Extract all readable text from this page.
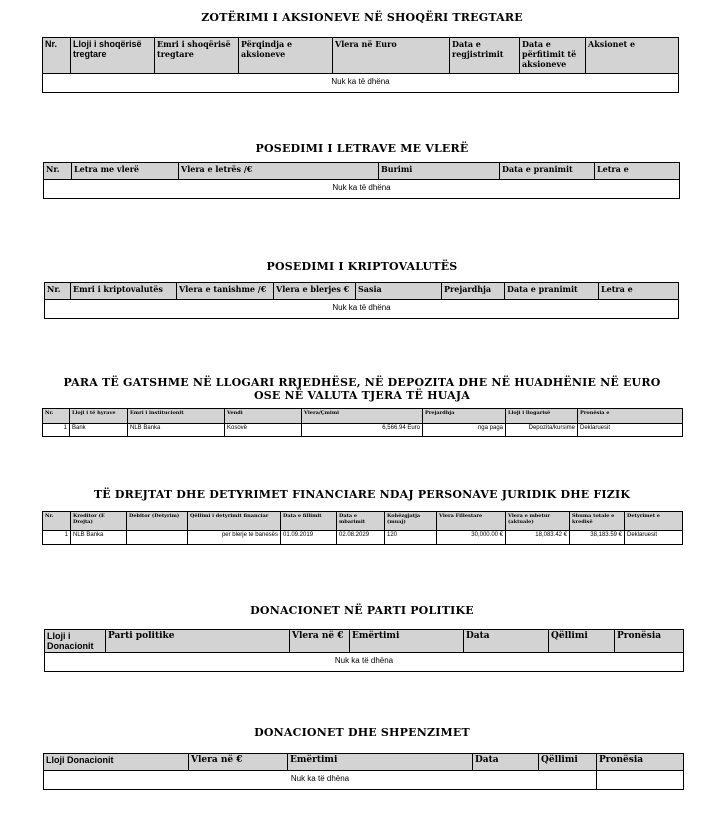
ZOTËRIMI I AKSIONEVE NË SHOQËRI TREGTARE
Nr.	Lloji i shoqërisë tregtare	Emri i shoqërisë tregtare	Përqindja e aksioneve	Vlera në Euro	Data e regjistrimit	Data e përfitimit të aksioneve	Aksionet e
Nuk ka të dhëna
POSEDIMI I LETRAVE ME VLERË
Nr.	Letra me vlerë	Vlera e letrës /€	Burimi	Data e pranimit	Letra e
Nuk ka të dhëna
POSEDIMI I KRIPTOVALUTËS
Nr.	Emri i kriptovalutës	Vlera e tanishme /€	Vlera e blerjes €	Sasia	Prejardhja	Data e pranimit	Letra e
Nuk ka të dhëna
PARA TË GATSHME NË LLOGARI RRJEDHËSE, NË DEPOZITA DHE NË HUADHËNIE NË EURO OSE NË VALUTA TJERA TË HUAJA
Nr.	Lloji i të hyrave	Emri i institucionit	Vendi	Vlera/Çmimi	Prejardhja	Lloji i llogarisë	Pronësia e
1	Bank	NLB Banka	Kosovë	6,566.94 Euro	nga paga	Depozita/kursime	Deklaruesit
TË DREJTAT DHE DETYRIMET FINANCIARE NDAJ PERSONAVE JURIDIK DHE FIZIK
Nr.	Kreditor (E Drejta)	Debitor (Detyrim)	Qëllimi i detyrimit financiar	Data e fillimit	Data e mbarimit	Kohëzgjatja (muaj)	Vlera Fillestare	Vlera e mbetur (aktuale)	Shuma totale e kredisë	Detyrimet e
1	NLB Banka		per blerje te banesës	01.09.2019	02.08.2029	120	30,000.00 €	18,083.42 €	38,183.59 €	Deklaruesit
DONACIONET NË PARTI POLITIKE
Lloji i Donacionit	Parti politike	Vlera në €	Emërtimi	Data	Qëllimi	Pronësia
Nuk ka të dhëna
DONACIONET DHE SHPENZIMET
Lloji Donacionit	Vlera në €	Emërtimi	Data	Qëllimi	Pronësia
Nuk ka të dhëna					
